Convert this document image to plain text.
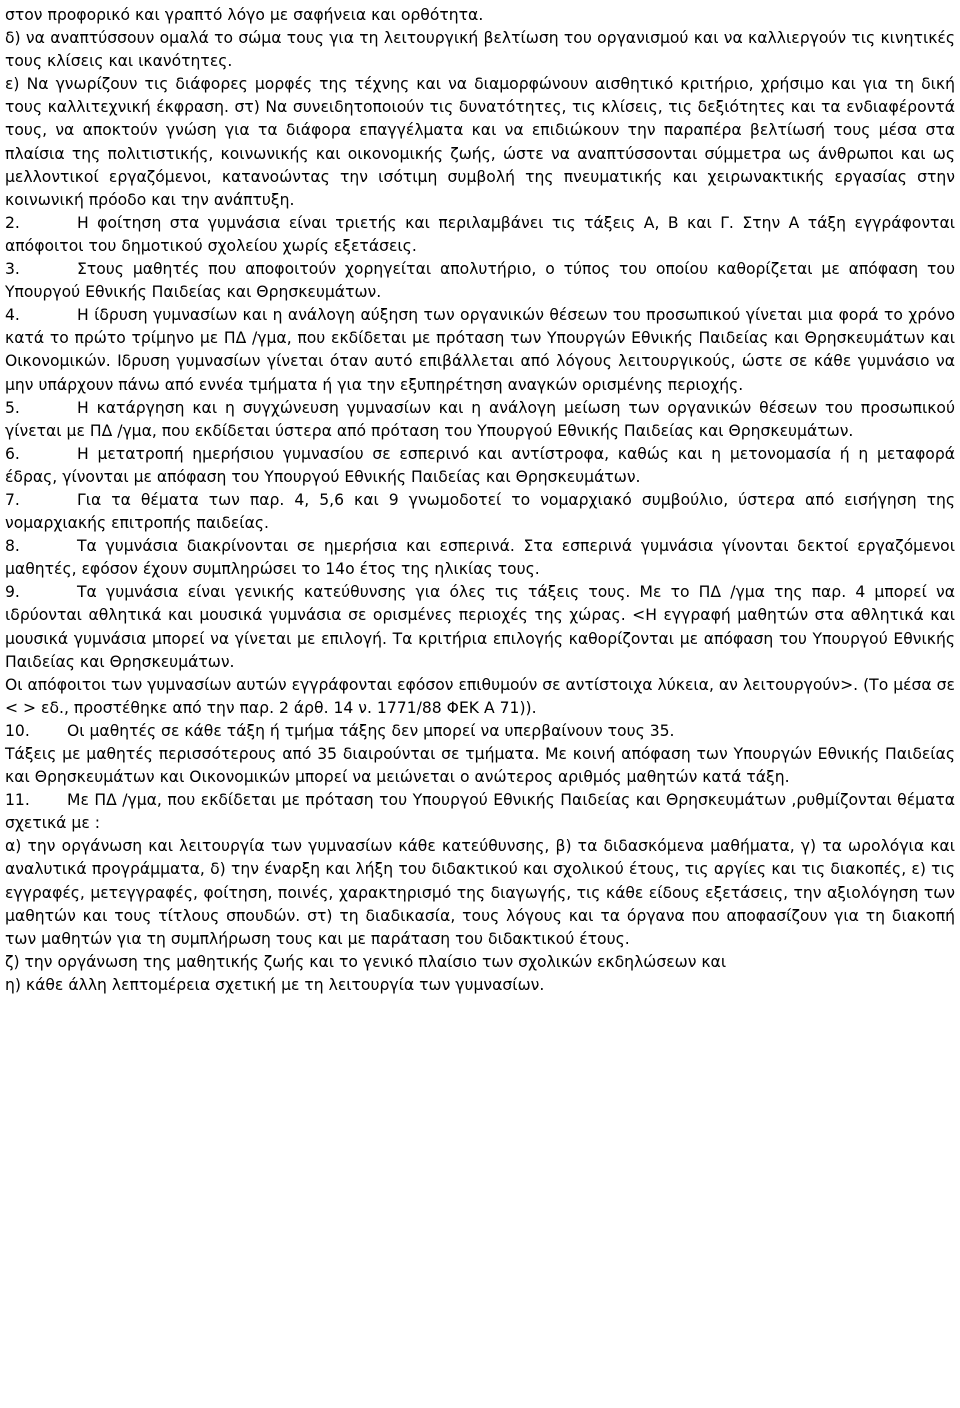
στον προφορικό και γραπτό λόγο με σαφήνεια και ορθότητα.

δ) να αναπτύσσουν ομαλά το σώμα τους για τη λειτουργική βελτίωση του οργανισμού και να καλλιεργούν τις κινητικές τους κλίσεις και ικανότητες.

ε) Να γνωρίζουν τις διάφορες μορφές της τέχνης και να διαμορφώνουν αισθητικό κριτήριο, χρήσιμο και για τη δική τους καλλιτεχνική έκφραση. στ) Να συνειδητοποιούν τις δυνατότητες, τις κλίσεις, τις δεξιότητες και τα ενδιαφέροντά τους, να αποκτούν γνώση για τα διάφορα επαγγέλματα και να επιδιώκουν την παραπέρα βελτίωσή τους μέσα στα πλαίσια της πολιτιστικής, κοινωνικής και οικονομικής ζωής, ώστε να αναπτύσσονται σύμμετρα ως άνθρωποι και ως μελλοντικοί εργαζόμενοι, κατανοώντας την ισότιμη συμβολή της πνευματικής και χειρωνακτικής εργασίας στην κοινωνική πρόοδο και την ανάπτυξη.

2.	Η φοίτηση στα γυμνάσια είναι τριετής και περιλαμβάνει τις τάξεις Α, Β και Γ. Στην Α τάξη εγγράφονται απόφοιτοι του δημοτικού σχολείου χωρίς εξετάσεις.

3.	Στους μαθητές που αποφοιτούν χορηγείται απολυτήριο, ο τύπος του οποίου καθορίζεται με απόφαση του Υπουργού Εθνικής Παιδείας και Θρησκευμάτων.

4.	Η ίδρυση γυμνασίων και η ανάλογη αύξηση των οργανικών θέσεων του προσωπικού γίνεται μια φορά το χρόνο κατά το πρώτο τρίμηνο με ΠΔ /γμα, που εκδίδεται με πρόταση των Υπουργών Εθνικής Παιδείας και Θρησκευμάτων και Οικονομικών. Ιδρυση γυμνασίων γίνεται όταν αυτό επιβάλλεται από λόγους λειτουργικούς, ώστε σε κάθε γυμνάσιο να μην υπάρχουν πάνω από εννέα τμήματα ή για την εξυπηρέτηση αναγκών ορισμένης περιοχής.

5.	Η κατάργηση και η συγχώνευση γυμνασίων και η ανάλογη μείωση των οργανικών θέσεων του προσωπικού γίνεται με ΠΔ /γμα, που εκδίδεται ύστερα από πρόταση του Υπουργού Εθνικής Παιδείας και Θρησκευμάτων.

6.	Η μετατροπή ημερήσιου γυμνασίου σε εσπερινό και αντίστροφα, καθώς και η μετονομασία ή η μεταφορά έδρας, γίνονται με απόφαση του Υπουργού Εθνικής Παιδείας και Θρησκευμάτων.

7.	Για τα θέματα των παρ. 4, 5,6 και 9 γνωμοδοτεί το νομαρχιακό συμβούλιο, ύστερα από εισήγηση της νομαρχιακής επιτροπής παιδείας.

8.	Τα γυμνάσια διακρίνονται σε ημερήσια και εσπερινά. Στα εσπερινά γυμνάσια γίνονται δεκτοί εργαζόμενοι μαθητές, εφόσον έχουν συμπληρώσει το 14ο έτος της ηλικίας τους.

9.	Τα γυμνάσια είναι γενικής κατεύθυνσης για όλες τις τάξεις τους. Με το ΠΔ /γμα της παρ. 4 μπορεί να ιδρύονται αθλητικά και μουσικά γυμνάσια σε ορισμένες περιοχές της χώρας. <Η εγγραφή μαθητών στα αθλητικά και μουσικά γυμνάσια μπορεί να γίνεται με επιλογή. Τα κριτήρια επιλογής καθορίζονται με απόφαση του Υπουργού Εθνικής Παιδείας και Θρησκευμάτων.

Οι απόφοιτοι των γυμνασίων αυτών εγγράφονται εφόσον επιθυμούν σε αντίστοιχα λύκεια, αν λειτουργούν>. (Το μέσα σε < > εδ., προστέθηκε από την παρ. 2 άρθ. 14 ν. 1771/88 ΦΕΚ Α 71)).

10. Οι μαθητές σε κάθε τάξη ή τμήμα τάξης δεν μπορεί να υπερβαίνουν τους 35.

Τάξεις με μαθητές περισσότερους από 35 διαιρούνται σε τμήματα. Με κοινή απόφαση των Υπουργών Εθνικής Παιδείας και Θρησκευμάτων και Οικονομικών μπορεί να μειώνεται ο ανώτερος αριθμός μαθητών κατά τάξη.

11. Με ΠΔ /γμα, που εκδίδεται με πρόταση του Υπουργού Εθνικής Παιδείας και Θρησκευμάτων ,ρυθμίζονται θέματα σχετικά με :

α) την οργάνωση και λειτουργία των γυμνασίων κάθε κατεύθυνσης, β) τα διδασκόμενα μαθήματα, γ) τα ωρολόγια και αναλυτικά προγράμματα, δ) την έναρξη και λήξη του διδακτικού και σχολικού έτους, τις αργίες και τις διακοπές, ε) τις εγγραφές, μετεγγραφές, φοίτηση, ποινές, χαρακτηρισμό της διαγωγής, τις κάθε είδους εξετάσεις, την αξιολόγηση των μαθητών και τους τίτλους σπουδών. στ) τη διαδικασία, τους λόγους και τα όργανα που αποφασίζουν για τη διακοπή των μαθητών για τη συμπλήρωση τους και με παράταση του διδακτικού έτους.

ζ) την οργάνωση της μαθητικής ζωής και το γενικό πλαίσιο των σχολικών εκδηλώσεων και

η) κάθε άλλη λεπτομέρεια σχετική με τη λειτουργία των γυμνασίων.
